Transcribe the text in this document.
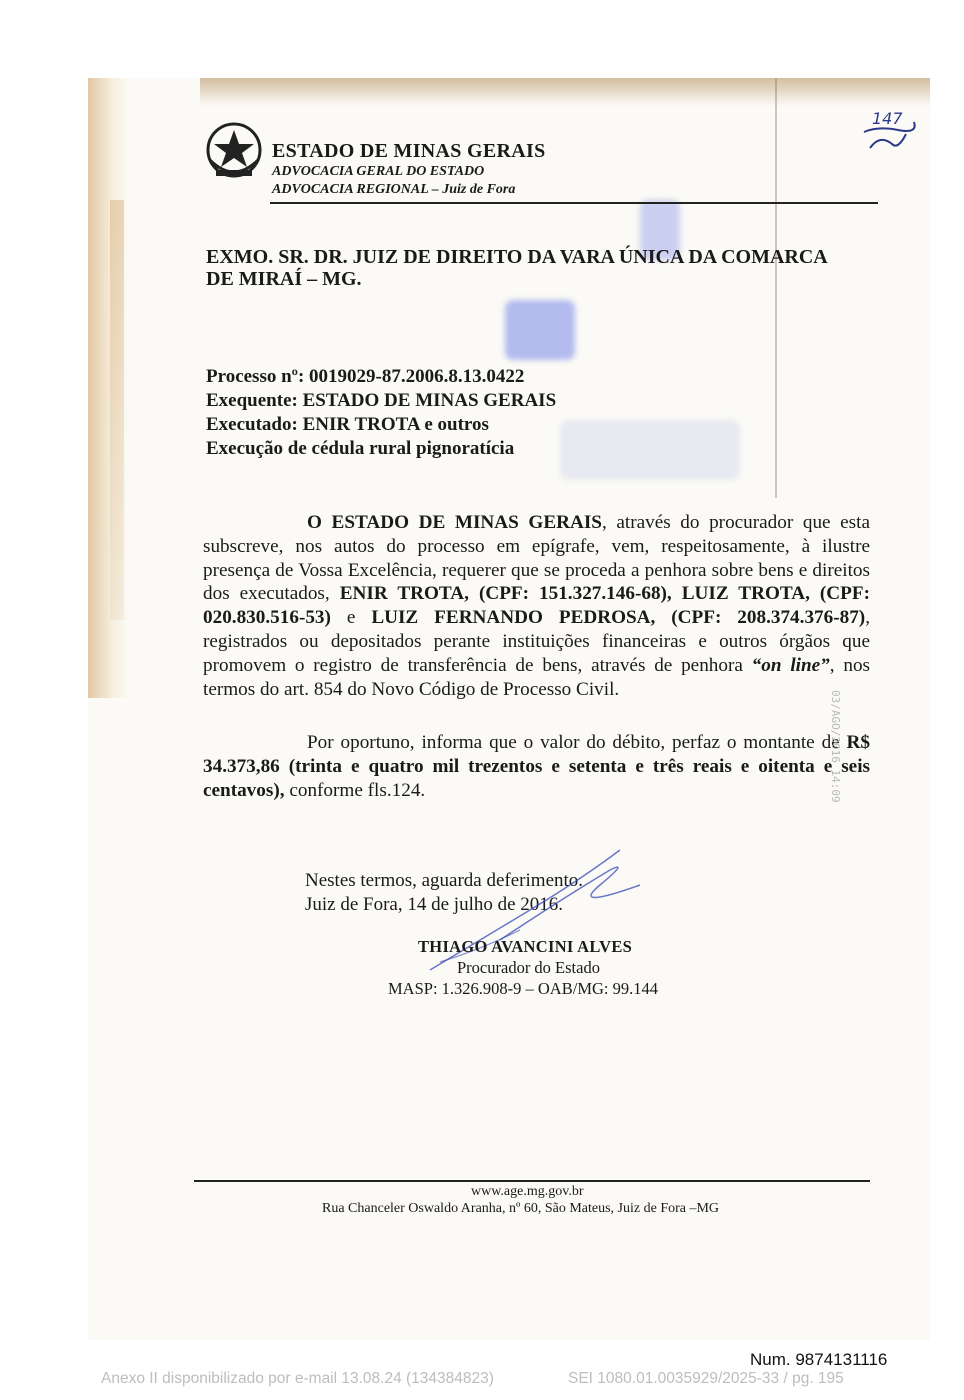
ESTADO DE MINAS GERAIS
ADVOCACIA GERAL DO ESTADO
ADVOCACIA REGIONAL – Juiz de Fora
147
EXMO. SR. DR. JUIZ DE DIREITO DA VARA ÚNICA DA COMARCA
DE MIRAÍ – MG.
Processo nº: 0019029-87.2006.8.13.0422
Exequente: ESTADO DE MINAS GERAIS
Executado: ENIR TROTA e outros
Execução de cédula rural pignoratícia
O ESTADO DE MINAS GERAIS, através do procurador que esta subscreve, nos autos do processo em epígrafe, vem, respeitosamente, à ilustre presença de Vossa Excelência, requerer que se proceda a penhora sobre bens e direitos dos executados, ENIR TROTA, (CPF: 151.327.146-68), LUIZ TROTA, (CPF: 020.830.516-53) e LUIZ FERNANDO PEDROSA, (CPF: 208.374.376-87), registrados ou depositados perante instituições financeiras e outros órgãos que promovem o registro de transferência de bens, através de penhora “on line”, nos termos do art. 854 do Novo Código de Processo Civil.
Por oportuno, informa que o valor do débito, perfaz o montante de R$ 34.373,86 (trinta e quatro mil trezentos e setenta e três reais e oitenta e seis centavos), conforme fls.124.
Nestes termos, aguarda deferimento.
Juiz de Fora, 14 de julho de 2016.
THIAGO AVANCINI ALVES
Procurador do Estado
MASP: 1.326.908-9 – OAB/MG: 99.144
03/AGO/2016 14:09
www.age.mg.gov.br
Rua Chanceler Oswaldo Aranha, nº 60, São Mateus, Juiz de Fora –MG
Num. 9874131116
Anexo II disponibilizado por e-mail 13.08.24 (134384823)	SEI 1080.01.0035929/2025-33 / pg. 195
